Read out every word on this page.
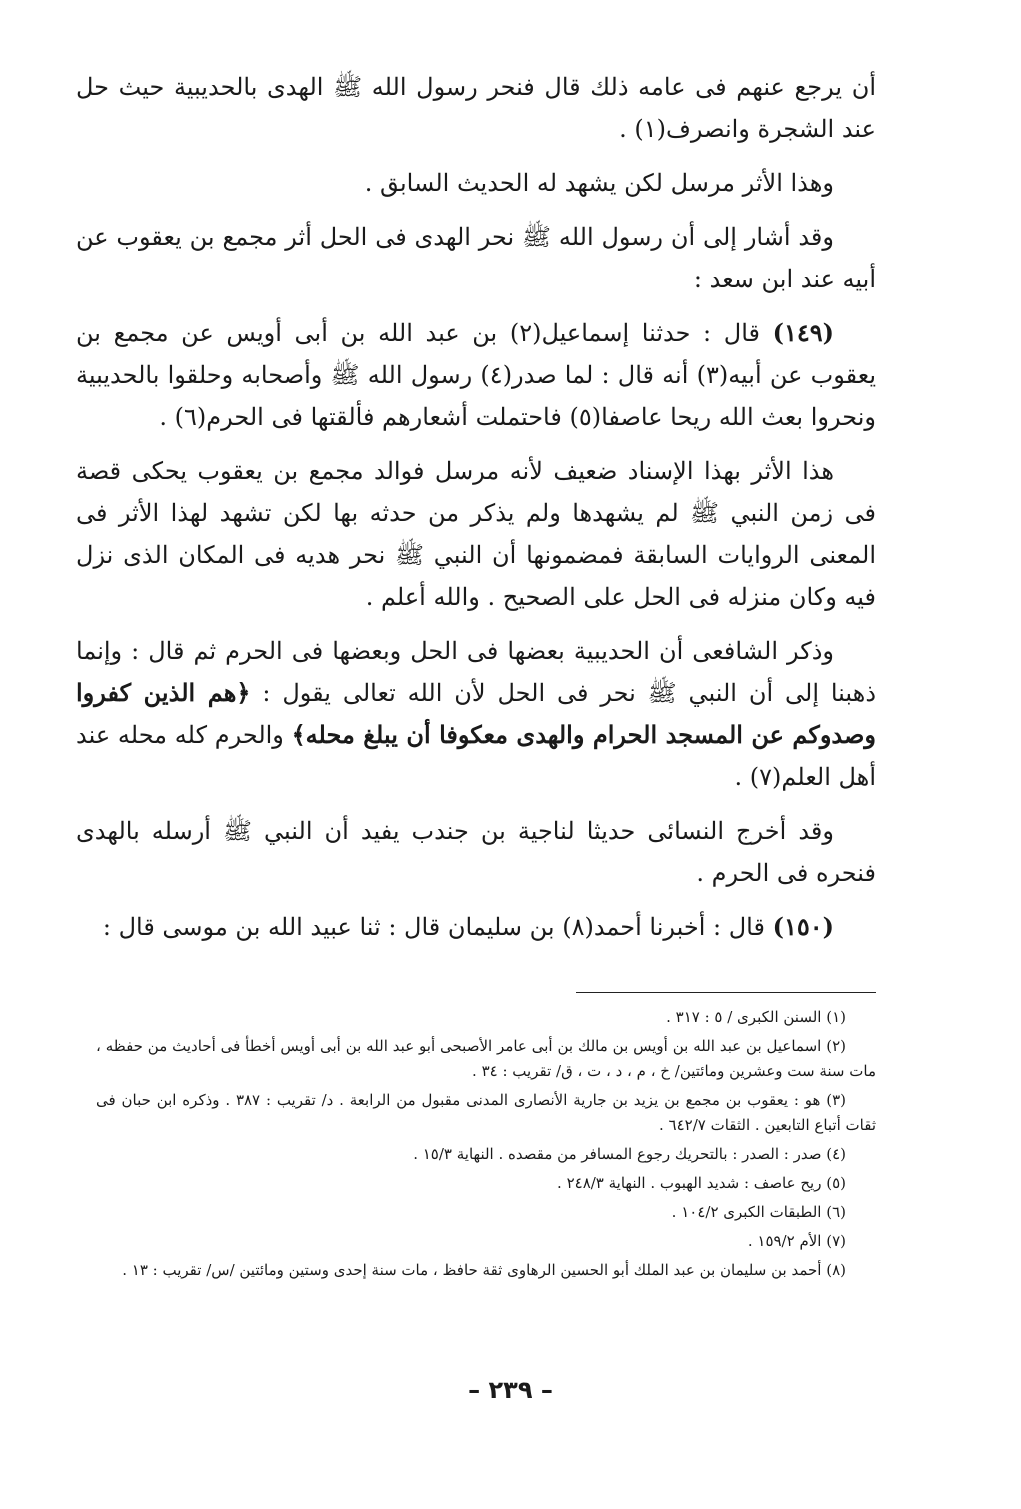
أن يرجع عنهم فى عامه ذلك قال فنحر رسول الله ﷺ الهدى بالحديبية حيث حل عند الشجرة وانصرف(١) .

وهذا الأثر مرسل لكن يشهد له الحديث السابق .

وقد أشار إلى أن رسول الله ﷺ نحر الهدى فى الحل أثر مجمع بن يعقوب عن أبيه عند ابن سعد :

(١٤٩) قال : حدثنا إسماعيل(٢) بن عبد الله بن أبى أويس عن مجمع بن يعقوب عن أبيه(٣) أنه قال : لما صدر(٤) رسول الله ﷺ وأصحابه وحلقوا بالحديبية ونحروا بعث الله ريحا عاصفا(٥) فاحتملت أشعارهم فألقتها فى الحرم(٦) .

هذا الأثر بهذا الإسناد ضعيف لأنه مرسل فوالد مجمع بن يعقوب يحكى قصة فى زمن النبي ﷺ لم يشهدها ولم يذكر من حدثه بها لكن تشهد لهذا الأثر فى المعنى الروايات السابقة فمضمونها أن النبي ﷺ نحر هديه فى المكان الذى نزل فيه وكان منزله فى الحل على الصحيح . والله أعلم .

وذكر الشافعى أن الحديبية بعضها فى الحل وبعضها فى الحرم ثم قال : وإنما ذهبنا إلى أن النبي ﷺ نحر فى الحل لأن الله تعالى يقول : ﴿هم الذين كفروا وصدوكم عن المسجد الحرام والهدى معكوفا أن يبلغ محله﴾ والحرم كله محله عند أهل العلم(٧) .

وقد أخرج النسائى حديثا لناجية بن جندب يفيد أن النبي ﷺ أرسله بالهدى فنحره فى الحرم .

(١٥٠) قال : أخبرنا أحمد(٨) بن سليمان قال : ثنا عبيد الله بن موسى قال :

(١) السنن الكبرى / ٥ : ٣١٧ .

(٢) اسماعيل بن عبد الله بن أويس بن مالك بن أبى عامر الأصبحى أبو عبد الله بن أبى أويس أخطأ فى أحاديث من حفظه ، مات سنة ست وعشرين ومائتين/ خ ، م ، د ، ت ، ق/ تقريب : ٣٤ .

(٣) هو : يعقوب بن مجمع بن يزيد بن جارية الأنصارى المدنى مقبول من الرابعة . د/ تقريب : ٣٨٧ . وذكره ابن حبان فى ثقات أتباع التابعين . الثقات ٦٤٢/٧ .

(٤) صدر : الصدر : بالتحريك رجوع المسافر من مقصده . النهاية ١٥/٣ .

(٥) ريح عاصف : شديد الهبوب . النهاية ٢٤٨/٣ .

(٦) الطبقات الكبرى ١٠٤/٢ .

(٧) الأم ١٥٩/٢ .

(٨) أحمد بن سليمان بن عبد الملك أبو الحسين الرهاوى ثقة حافظ ، مات سنة إحدى وستين ومائتين /س/ تقريب : ١٣ .

– ٢٣٩ –
